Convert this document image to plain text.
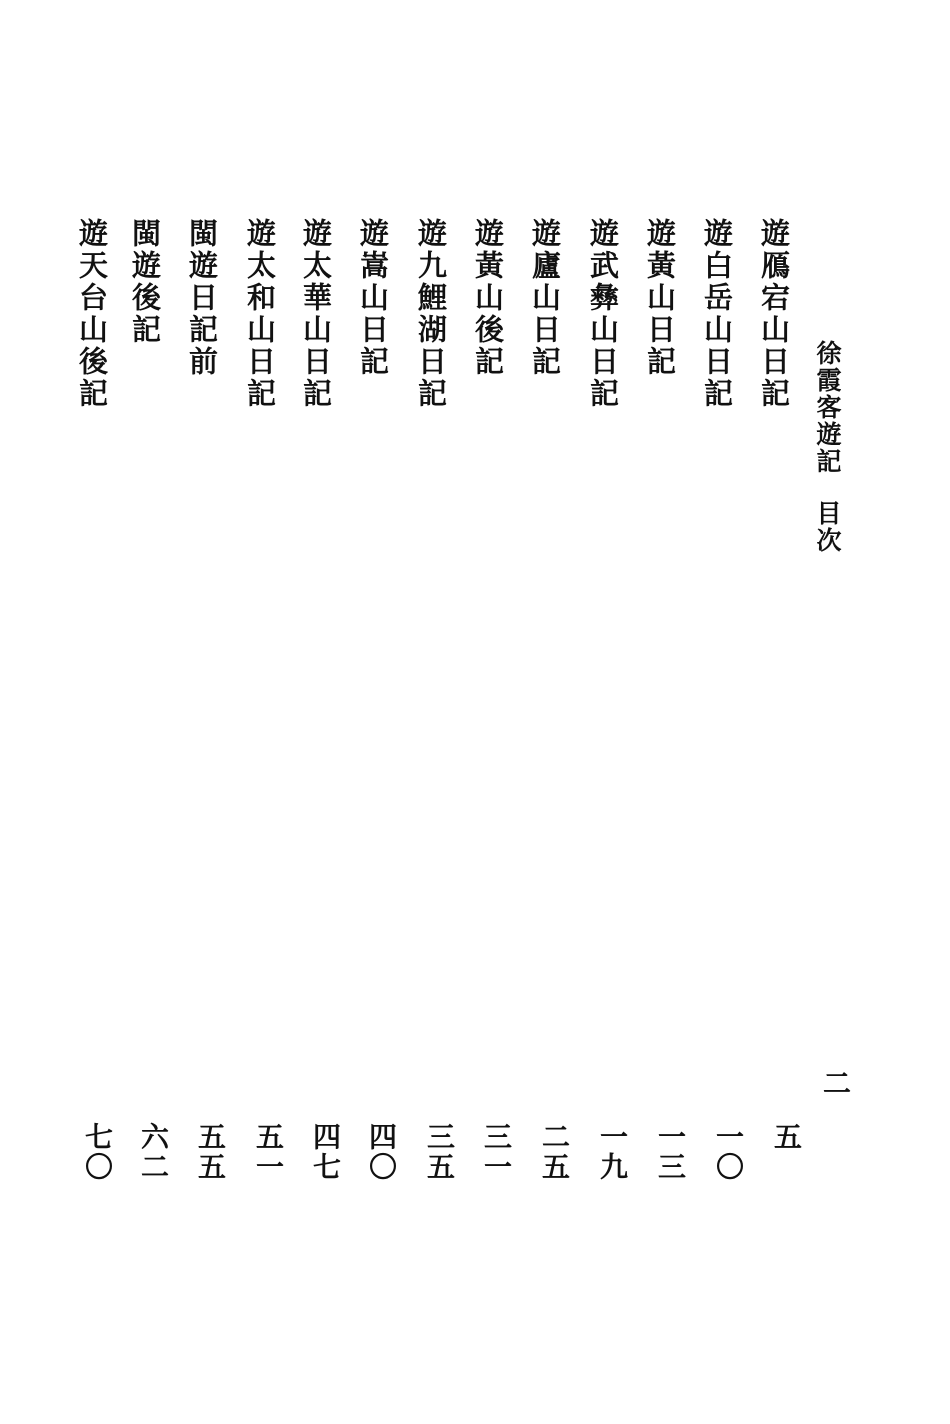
徐霞客遊記
目次
二
遊鴈宕山日記
五
遊白岳山日記
一〇
遊黃山日記
一三
遊武彝山日記
一九
遊廬山日記
二五
遊黃山後記
三一
遊九鯉湖日記
三五
遊嵩山日記
四〇
遊太華山日記
四七
遊太和山日記
五一
閩遊日記前
五五
閩遊後記
六二
遊天台山後記
七〇
